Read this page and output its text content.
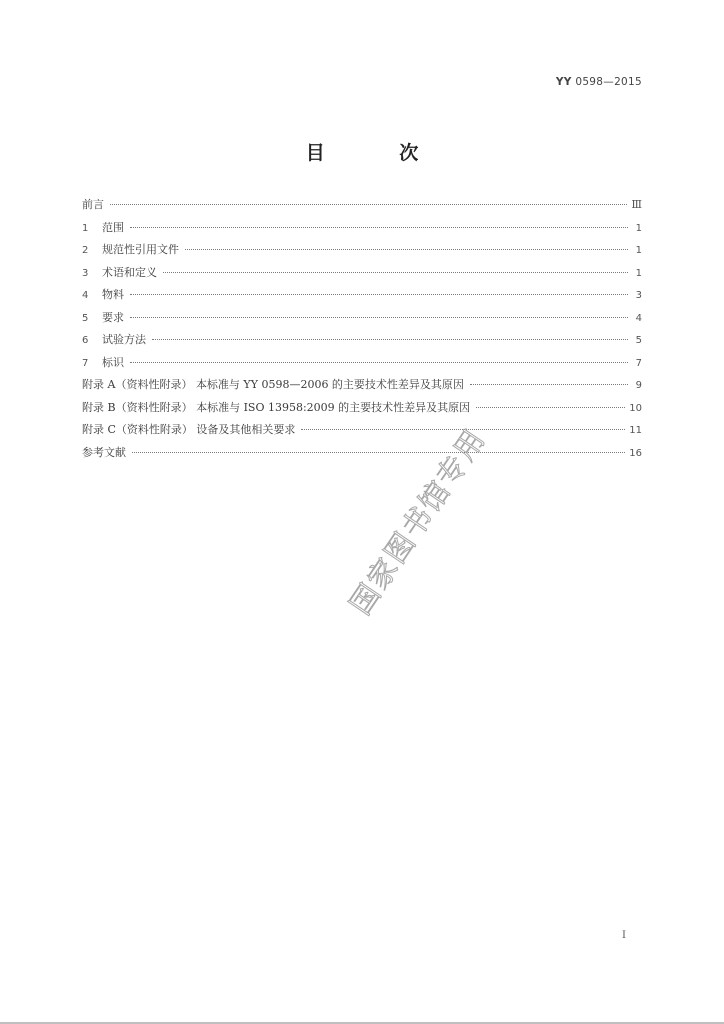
YY 0598—2015
目 次
前言	Ⅲ
1	范围	1
2	规范性引用文件	1
3	术语和定义	1
4	物料	3
5	要求	4
6	试验方法	5
7	标识	7
附录 A（资料性附录） 本标准与 YY 0598—2006 的主要技术性差异及其原因	9
附录 B（资料性附录） 本标准与 ISO 13958:2009 的主要技术性差异及其原因	10
附录 C（资料性附录） 设备及其他相关要求	11
参考文献	16
国家图书馆专用
I
